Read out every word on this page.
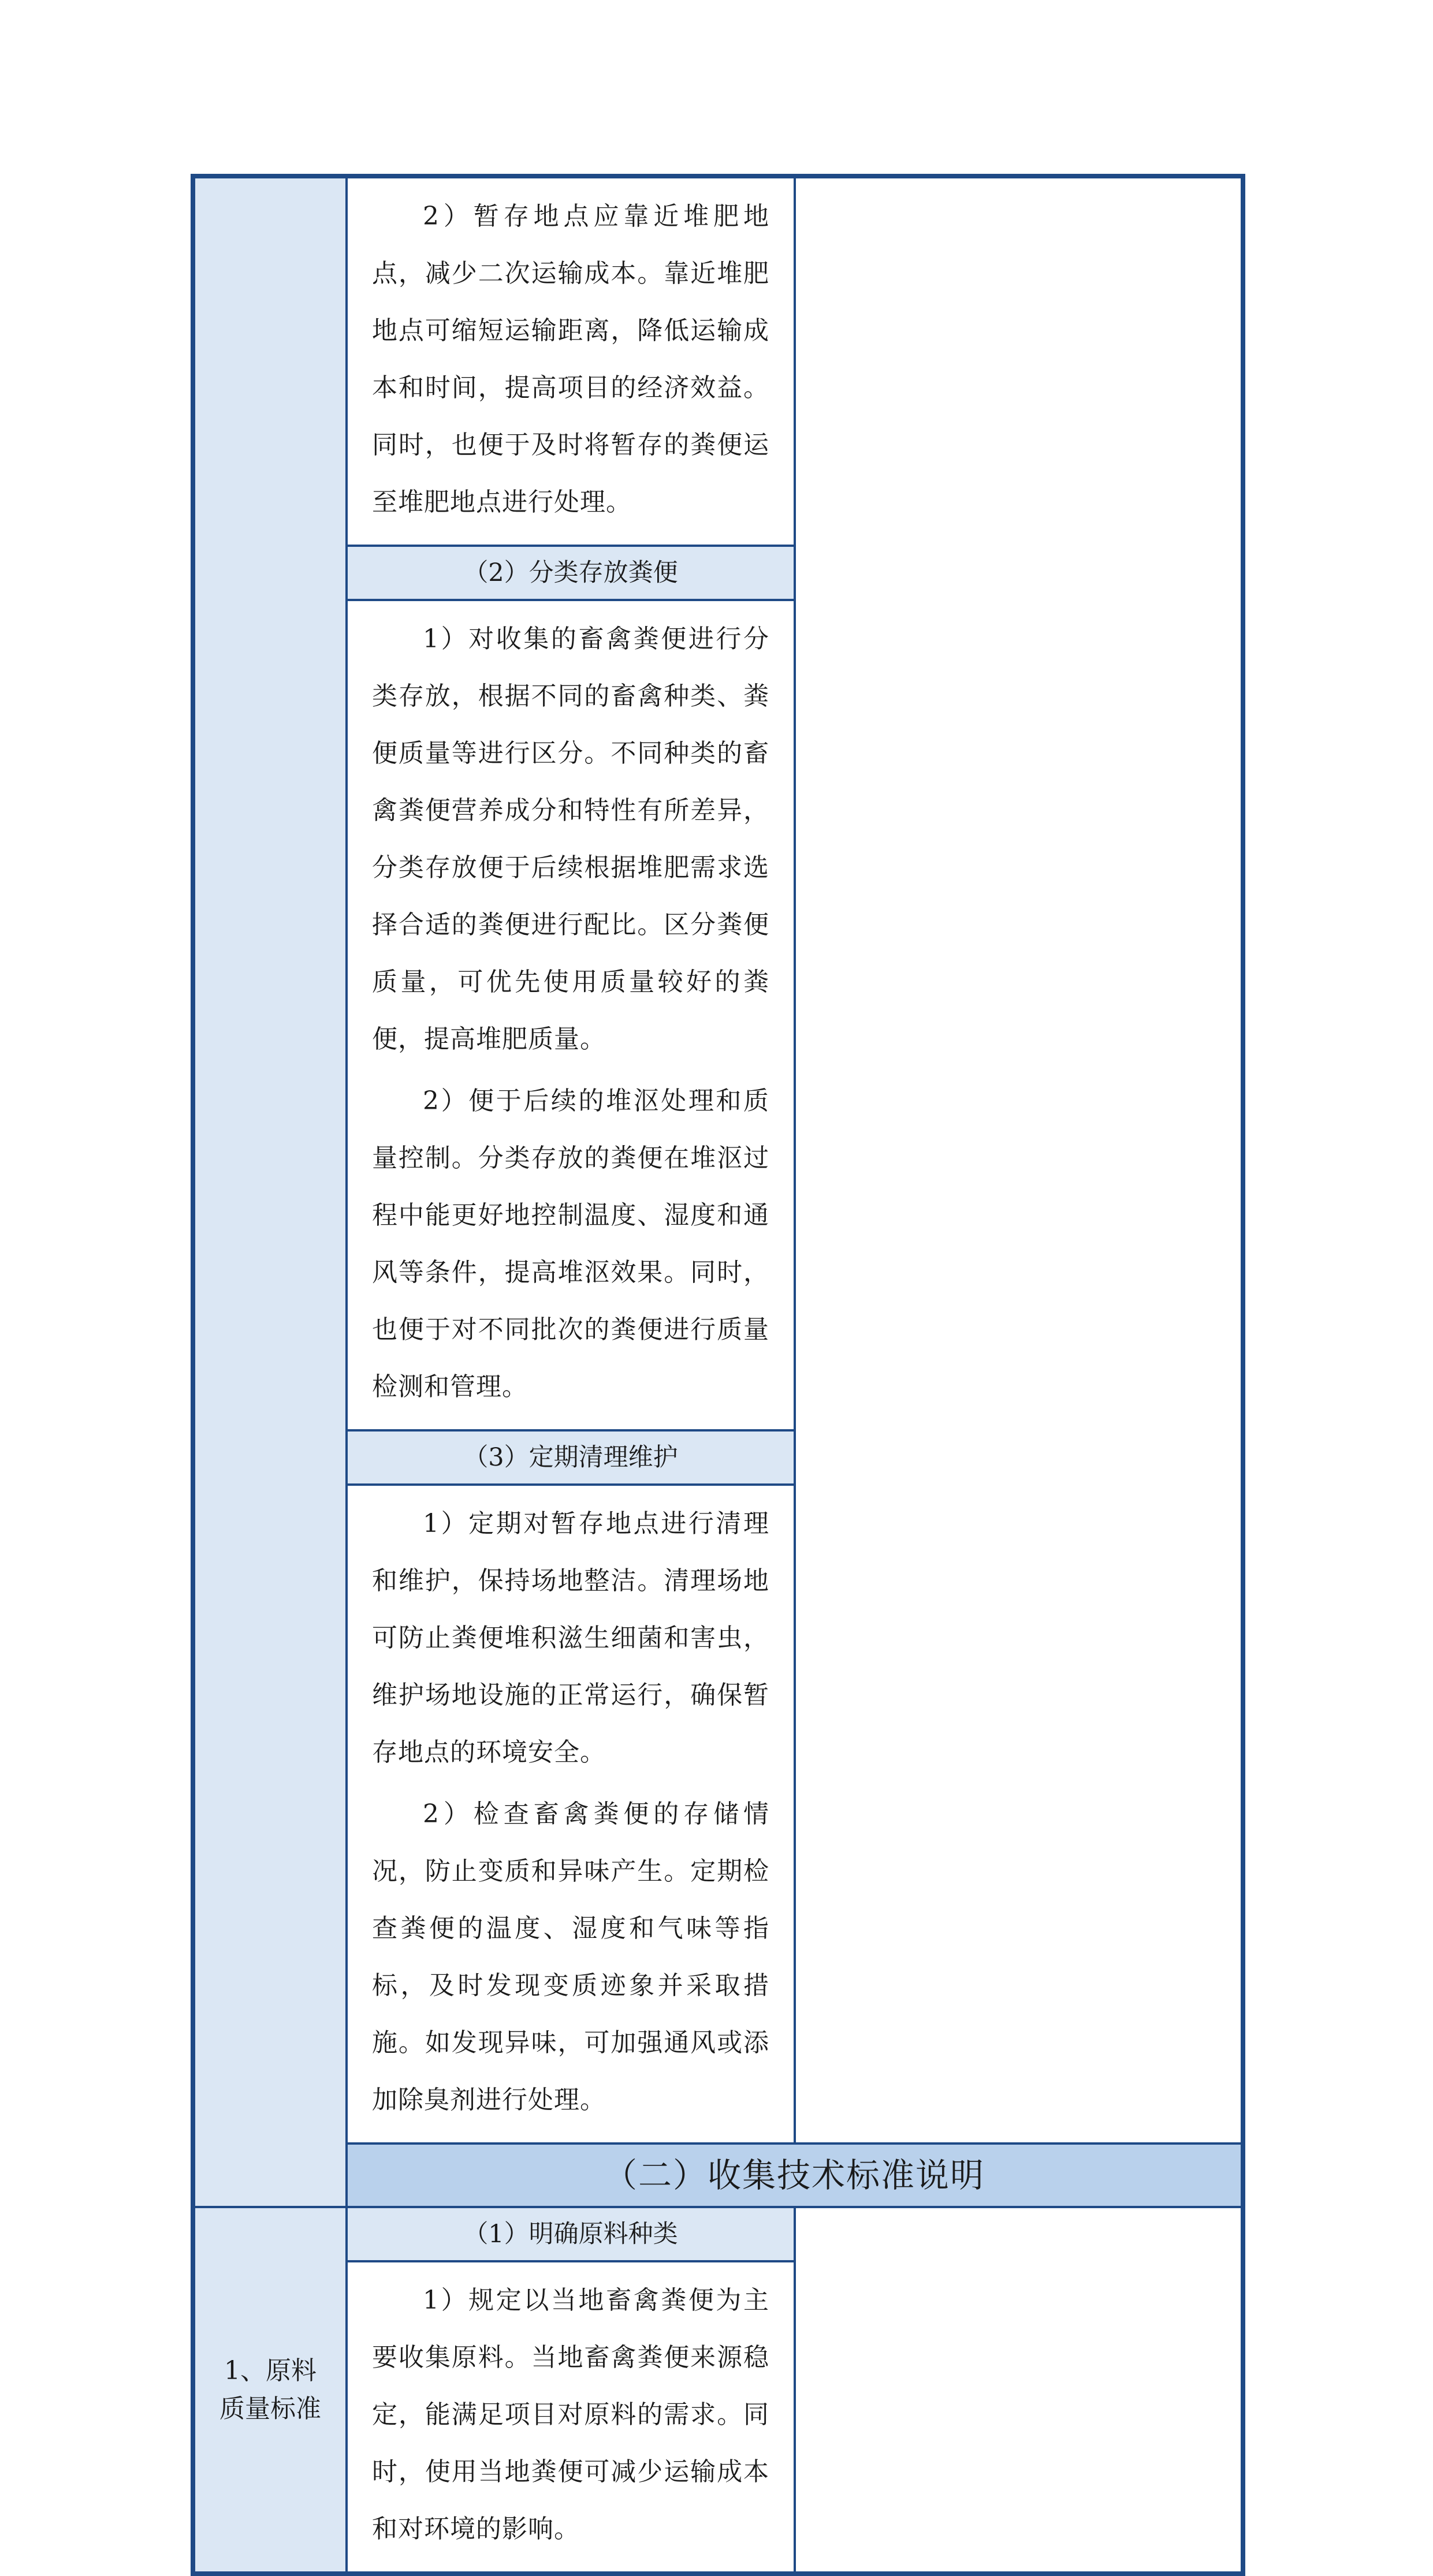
	2）暂存地点应靠近堆肥地点，减少二次运输成本。靠近堆肥地点可缩短运输距离，降低运输成本和时间，提高项目的经济效益。同时，也便于及时将暂存的粪便运至堆肥地点进行处理。

	（2）分类存放粪便

	1）对收集的畜禽粪便进行分类存放，根据不同的畜禽种类、粪便质量等进行区分。不同种类的畜禽粪便营养成分和特性有所差异，分类存放便于后续根据堆肥需求选择合适的粪便进行配比。区分粪便质量，可优先使用质量较好的粪便，提高堆肥质量。

2）便于后续的堆沤处理和质量控制。分类存放的粪便在堆沤过程中能更好地控制温度、湿度和通风等条件，提高堆沤效果。同时，也便于对不同批次的粪便进行质量检测和管理。

	（3）定期清理维护

	1）定期对暂存地点进行清理和维护，保持场地整洁。清理场地可防止粪便堆积滋生细菌和害虫，维护场地设施的正常运行，确保暂存地点的环境安全。

2）检查畜禽粪便的存储情况，防止变质和异味产生。定期检查粪便的温度、湿度和气味等指标，及时发现变质迹象并采取措施。如发现异味，可加强通风或添加除臭剂进行处理。

	（二）收集技术标准说明

1、原料质量标准	（1）明确原料种类

	1）规定以当地畜禽粪便为主要收集原料。当地畜禽粪便来源稳定，能满足项目对原料的需求。同时，使用当地粪便可减少运输成本和对环境的影响。
